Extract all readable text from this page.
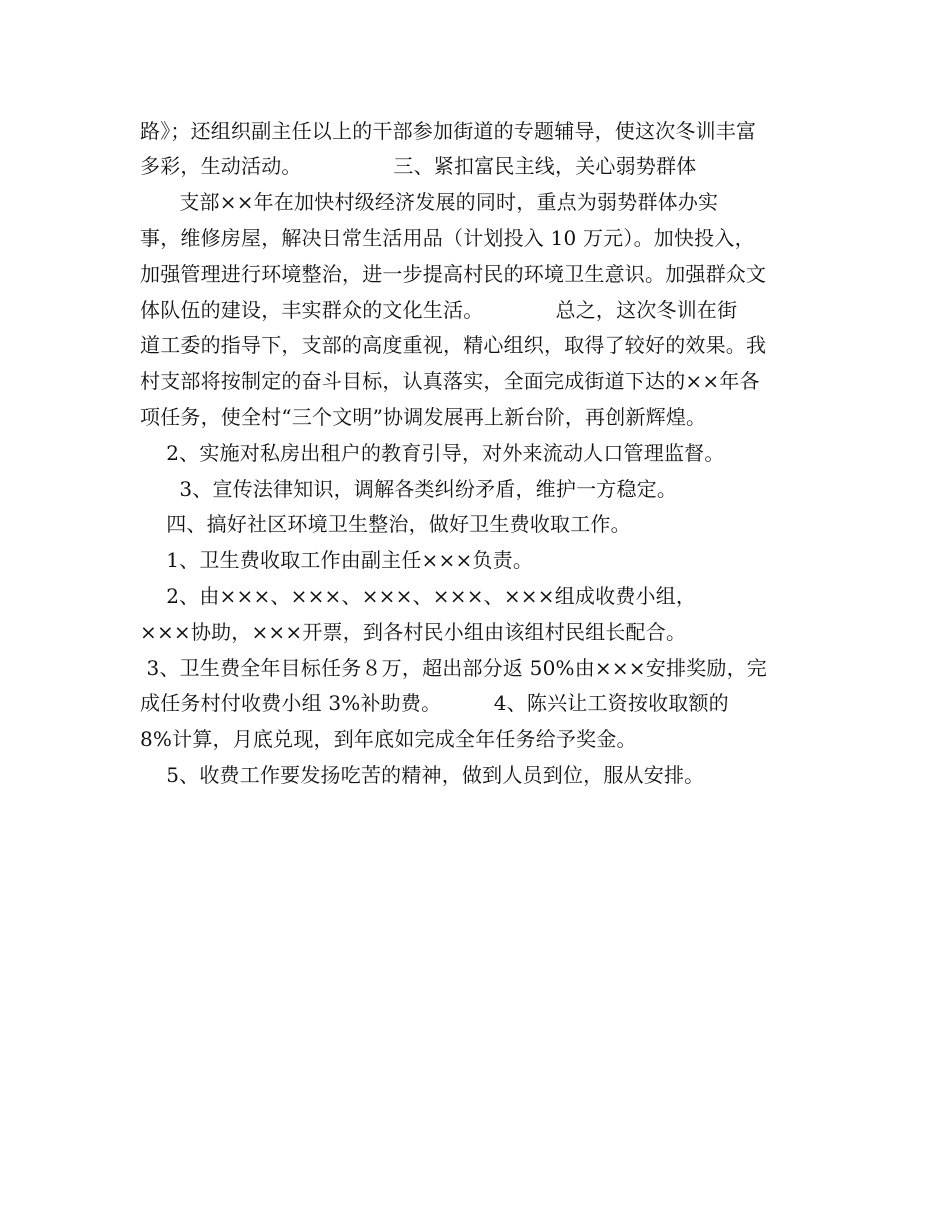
路》；还组织副主任以上的干部参加街道的专题辅导，使这次冬训丰富
多彩，生动活动。              三、紧扣富民主线，关心弱势群体
支部××年在加快村级经济发展的同时，重点为弱势群体办实
事，维修房屋，解决日常生活用品（计划投入 10 万元）。加快投入，
加强管理进行环境整治，进一步提高村民的环境卫生意识。加强群众文
体队伍的建设，丰实群众的文化生活。           总之，这次冬训在街
道工委的指导下，支部的高度重视，精心组织，取得了较好的效果。我
村支部将按制定的奋斗目标，认真落实，全面完成街道下达的××年各
项任务，使全村“三个文明”协调发展再上新台阶，再创新辉煌。
2、实施对私房出租户的教育引导，对外来流动人口管理监督。
3、宣传法律知识，调解各类纠纷矛盾，维护一方稳定。
四、搞好社区环境卫生整治，做好卫生费收取工作。
1、卫生费收取工作由副主任×××负责。
2、由×××、×××、×××、×××、×××组成收费小组，
×××协助，×××开票，到各村民小组由该组村民组长配合。
3、卫生费全年目标任务８万，超出部分返 50%由×××安排奖励，完
成任务村付收费小组 3%补助费。        4、陈兴让工资按收取额的
8%计算，月底兑现，到年底如完成全年任务给予奖金。
5、收费工作要发扬吃苦的精神，做到人员到位，服从安排。
